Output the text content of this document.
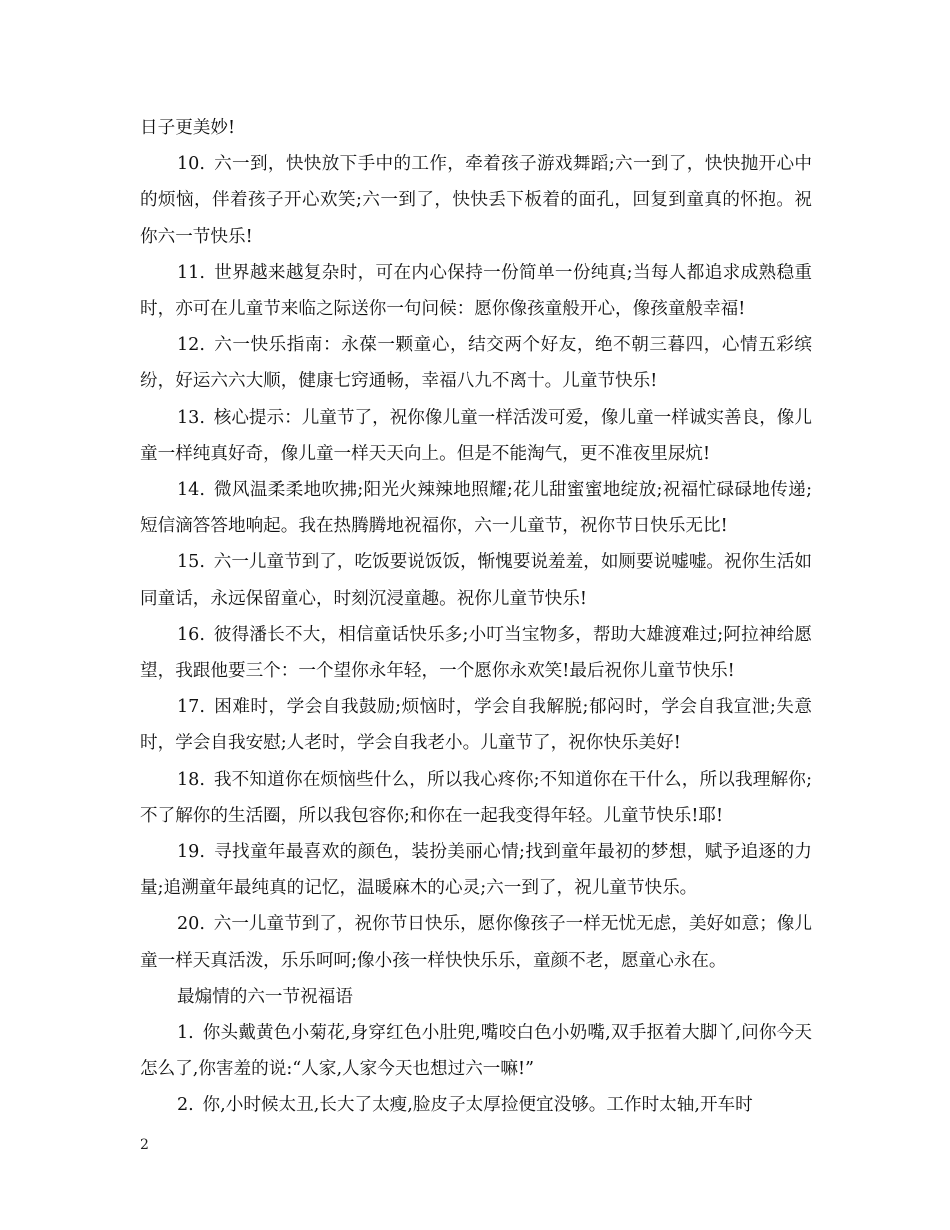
日子更美妙!

10. 六一到，快快放下手中的工作，牵着孩子游戏舞蹈;六一到了，快快抛开心中的烦恼，伴着孩子开心欢笑;六一到了，快快丢下板着的面孔，回复到童真的怀抱。祝你六一节快乐!

11. 世界越来越复杂时，可在内心保持一份简单一份纯真;当每人都追求成熟稳重时，亦可在儿童节来临之际送你一句问候：愿你像孩童般开心，像孩童般幸福!

12. 六一快乐指南：永葆一颗童心，结交两个好友，绝不朝三暮四，心情五彩缤纷，好运六六大顺，健康七窍通畅，幸福八九不离十。儿童节快乐!

13. 核心提示：儿童节了，祝你像儿童一样活泼可爱，像儿童一样诚实善良，像儿童一样纯真好奇，像儿童一样天天向上。但是不能淘气，更不准夜里尿炕!

14. 微风温柔柔地吹拂;阳光火辣辣地照耀;花儿甜蜜蜜地绽放;祝福忙碌碌地传递;短信滴答答地响起。我在热腾腾地祝福你，六一儿童节，祝你节日快乐无比!

15. 六一儿童节到了，吃饭要说饭饭，惭愧要说羞羞，如厕要说嘘嘘。祝你生活如同童话，永远保留童心，时刻沉浸童趣。祝你儿童节快乐!

16. 彼得潘长不大，相信童话快乐多;小叮当宝物多，帮助大雄渡难过;阿拉神给愿望，我跟他要三个：一个望你永年轻，一个愿你永欢笑!最后祝你儿童节快乐!

17. 困难时，学会自我鼓励;烦恼时，学会自我解脱;郁闷时，学会自我宣泄;失意时，学会自我安慰;人老时，学会自我老小。儿童节了，祝你快乐美好!

18. 我不知道你在烦恼些什么，所以我心疼你;不知道你在干什么，所以我理解你;不了解你的生活圈，所以我包容你;和你在一起我变得年轻。儿童节快乐!耶!

19. 寻找童年最喜欢的颜色，装扮美丽心情;找到童年最初的梦想，赋予追逐的力量;追溯童年最纯真的记忆，温暖麻木的心灵;六一到了，祝儿童节快乐。

20. 六一儿童节到了，祝你节日快乐，愿你像孩子一样无忧无虑，美好如意；像儿童一样天真活泼，乐乐呵呵;像小孩一样快快乐乐，童颜不老，愿童心永在。

最煽情的六一节祝福语

1. 你头戴黄色小菊花,身穿红色小肚兜,嘴咬白色小奶嘴,双手抠着大脚丫,问你今天怎么了,你害羞的说:“人家,人家今天也想过六一嘛!”

2. 你,小时候太丑,长大了太瘦,脸皮子太厚捡便宜没够。工作时太轴,开车时

2
